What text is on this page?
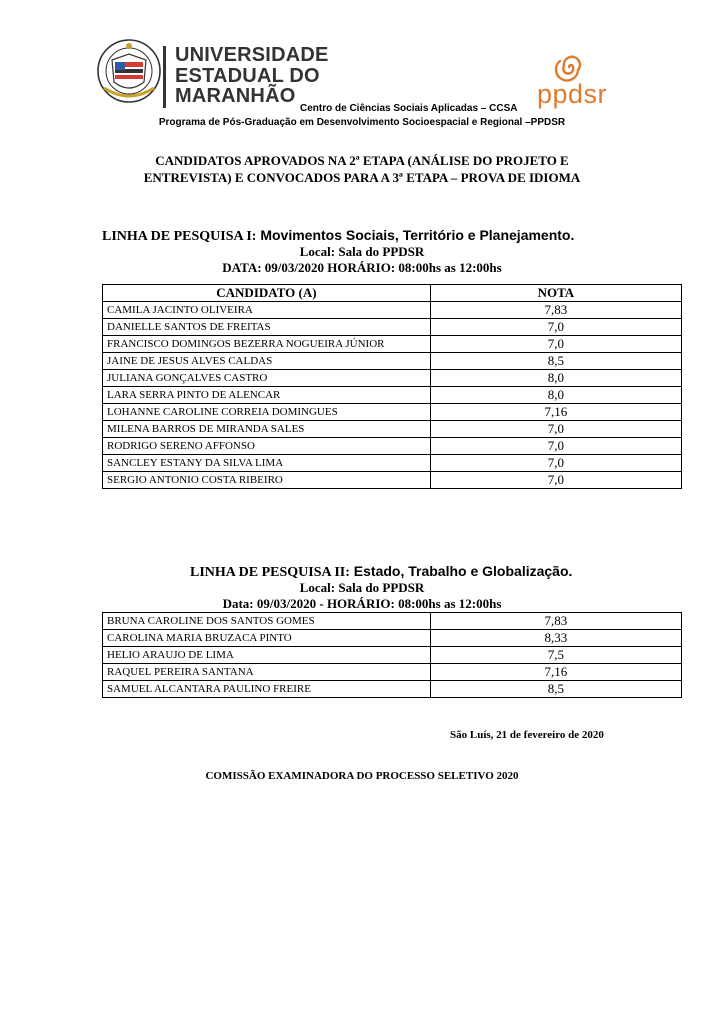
UNIVERSIDADE
ESTADUAL DO
MARANHÃO	ppdsr
Centro de Ciências Sociais Aplicadas – CCSA
Programa de Pós-Graduação em Desenvolvimento Socioespacial e Regional –PPDSR
CANDIDATOS APROVADOS NA 2ª ETAPA (ANÁLISE DO PROJETO E
ENTREVISTA) E CONVOCADOS PARA A 3ª ETAPA – PROVA DE IDIOMA
LINHA DE PESQUISA I: Movimentos Sociais, Território e Planejamento.
Local: Sala do PPDSR
DATA: 09/03/2020 HORÁRIO: 08:00hs as 12:00hs
CANDIDATO (A)	NOTA
CAMILA JACINTO OLIVEIRA	7,83
DANIELLE SANTOS DE FREITAS	7,0
FRANCISCO DOMINGOS BEZERRA NOGUEIRA JÚNIOR	7,0
JAINE DE JESUS ALVES CALDAS	8,5
JULIANA GONÇALVES CASTRO	8,0
LARA SERRA PINTO DE ALENCAR	8,0
LOHANNE CAROLINE CORREIA DOMINGUES	7,16
MILENA BARROS DE MIRANDA SALES	7,0
RODRIGO SERENO AFFONSO	7,0
SANCLEY ESTANY DA SILVA LIMA	7,0
SERGIO ANTONIO COSTA RIBEIRO	7,0
LINHA DE PESQUISA II: Estado, Trabalho e Globalização.
Local: Sala do PPDSR
Data: 09/03/2020 - HORÁRIO: 08:00hs as 12:00hs
BRUNA CAROLINE DOS SANTOS GOMES	7,83
CAROLINA MARIA BRUZACA PINTO	8,33
HELIO ARAUJO DE LIMA	7,5
RAQUEL PEREIRA SANTANA	7,16
SAMUEL ALCANTARA PAULINO FREIRE	8,5
São Luís, 21 de fevereiro de 2020
COMISSÃO EXAMINADORA DO PROCESSO SELETIVO 2020
